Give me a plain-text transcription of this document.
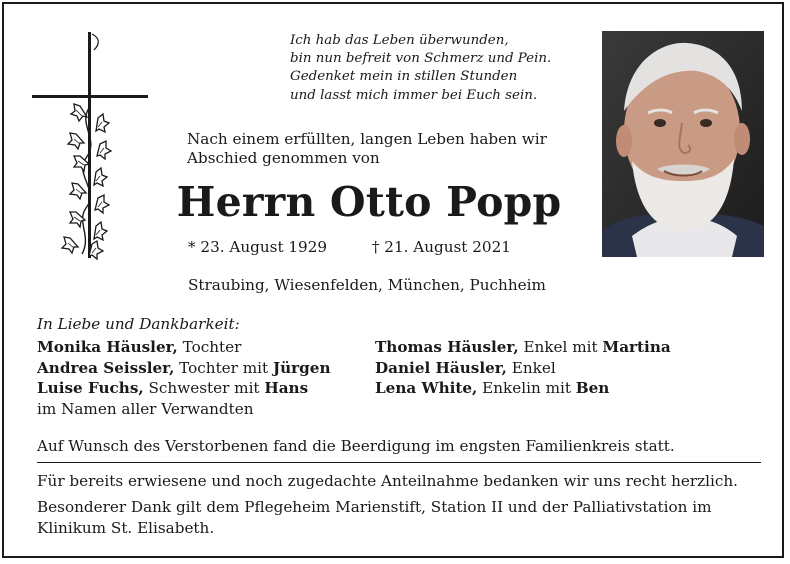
Ich hab das Leben überwunden,
bin nun befreit von Schmerz und Pein.
Gedenket mein in stillen Stunden
und lasst mich immer bei Euch sein.
Nach einem erfüllten, langen Leben haben wir
Abschied genommen von
Herrn Otto Popp
* 23. August 1929	† 21. August 2021
Straubing, Wiesenfelden, München, Puchheim
In Liebe und Dankbarkeit:
Monika Häusler, Tochter
Andrea Seissler, Tochter mit Jürgen
Luise Fuchs, Schwester mit Hans
im Namen aller Verwandten
Thomas Häusler, Enkel mit Martina
Daniel Häusler, Enkel
Lena White, Enkelin mit Ben
Auf Wunsch des Verstorbenen fand die Beerdigung im engsten Familienkreis statt.
Für bereits erwiesene und noch zugedachte Anteilnahme bedanken wir uns recht herzlich.
Besonderer Dank gilt dem Pflegeheim Marienstift, Station II und der Palliativstation im Klinikum St. Elisabeth.
